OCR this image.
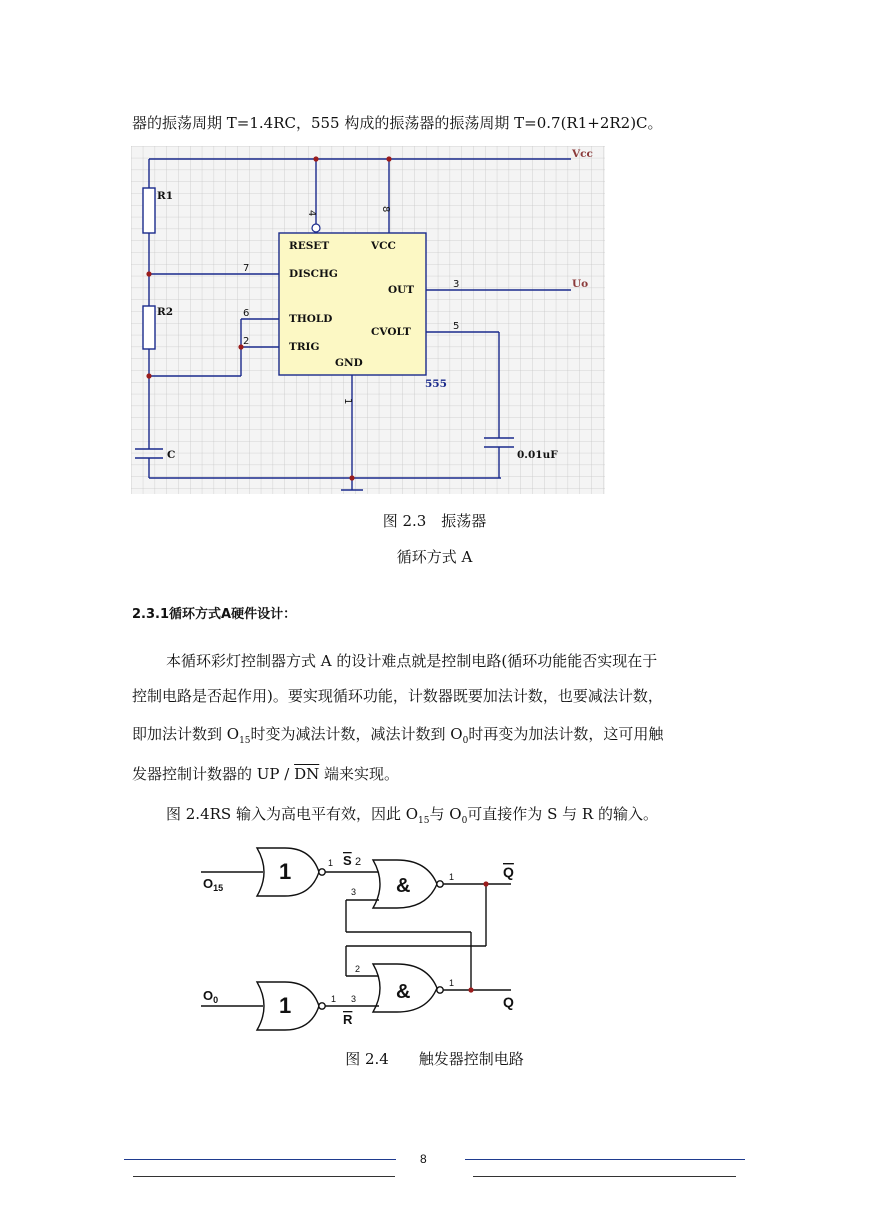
器的振荡周期 T=1.4RC，555 构成的振荡器的振荡周期 T=0.7(R1+2R2)C。
Vcc
R1
R2
C
Uo
0.01uF
555
RESET	VCC
DISCHG
OUT
THOLD
CVOLT
TRIG
GND
4
8
7
3
6
5
2
1
图 2.3　振荡器
循环方式 A
2.3.1循环方式A硬件设计：
本循环彩灯控制器方式 A 的设计难点就是控制电路(循环功能能否实现在于
控制电路是否起作用)。要实现循环功能，计数器既要加法计数，也要减法计数，
即加法计数到 $O_{15}$时变为减法计数，减法计数到 $O_0$时再变为加法计数，这可用触
发器控制计数器的 UP / $\overline{DN}$ 端来实现。
图 2.4RS 输入为高电平有效，因此 $O_{15}$与 $O_0$可直接作为 S 与 R 的输入。
$O_{15}$
$O_0$
1
1
&
&
S 2
R
Q
Q
1
3
1
2
1
3
1
图 2.4　　触发器控制电路
8
